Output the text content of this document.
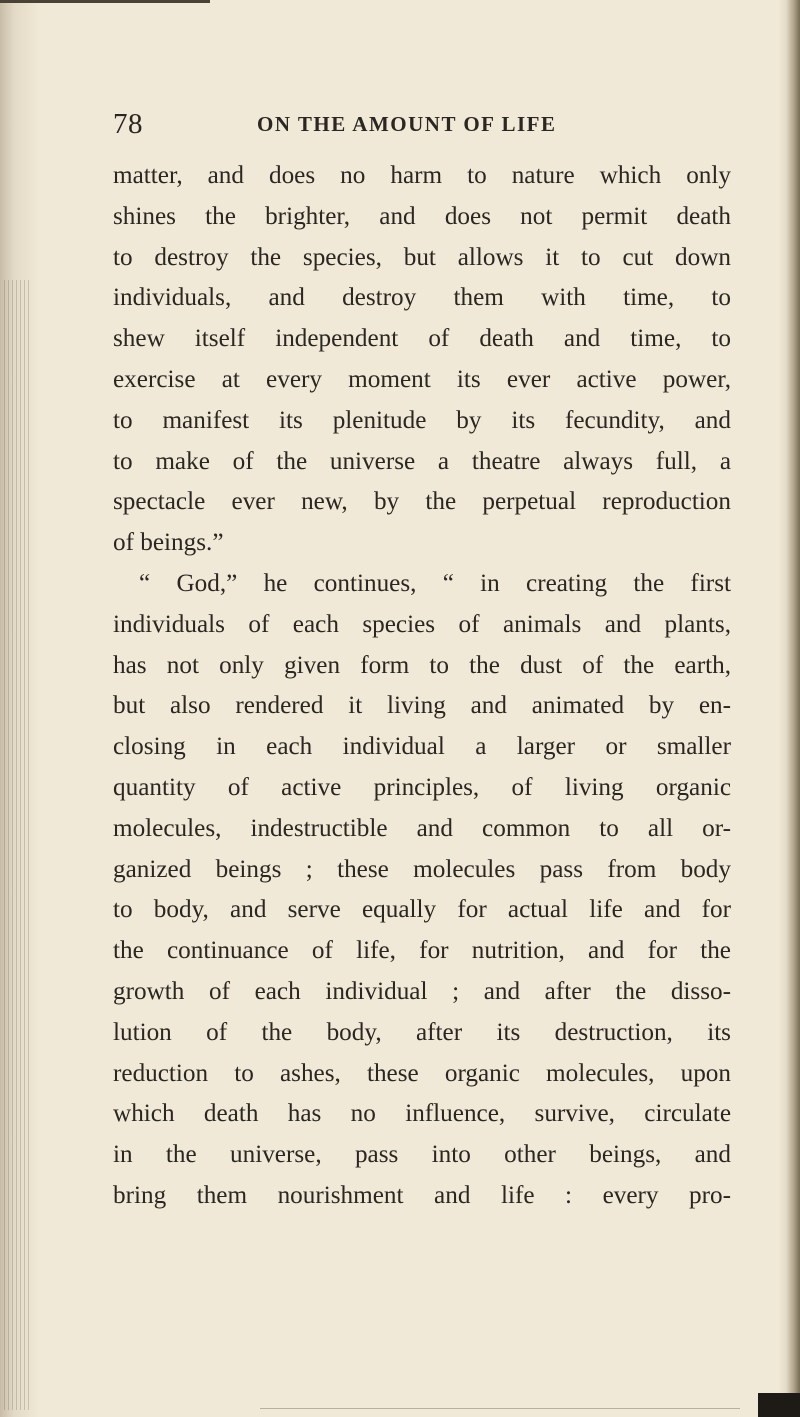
78	ON THE AMOUNT OF LIFE
matter, and does no harm to nature which only
shines the brighter, and does not permit death
to destroy the species, but allows it to cut down
individuals, and destroy them with time, to
shew itself independent of death and time, to
exercise at every moment its ever active power,
to manifest its plenitude by its fecundity, and
to make of the universe a theatre always full, a
spectacle ever new, by the perpetual reproduction
of beings.”
“ God,” he continues, “ in creating the first
individuals of each species of animals and plants,
has not only given form to the dust of the earth,
but also rendered it living and animated by en-
closing in each individual a larger or smaller
quantity of active principles, of living organic
molecules, indestructible and common to all or-
ganized beings ; these molecules pass from body
to body, and serve equally for actual life and for
the continuance of life, for nutrition, and for the
growth of each individual ; and after the disso-
lution of the body, after its destruction, its
reduction to ashes, these organic molecules, upon
which death has no influence, survive, circulate
in the universe, pass into other beings, and
bring them nourishment and life : every pro-
